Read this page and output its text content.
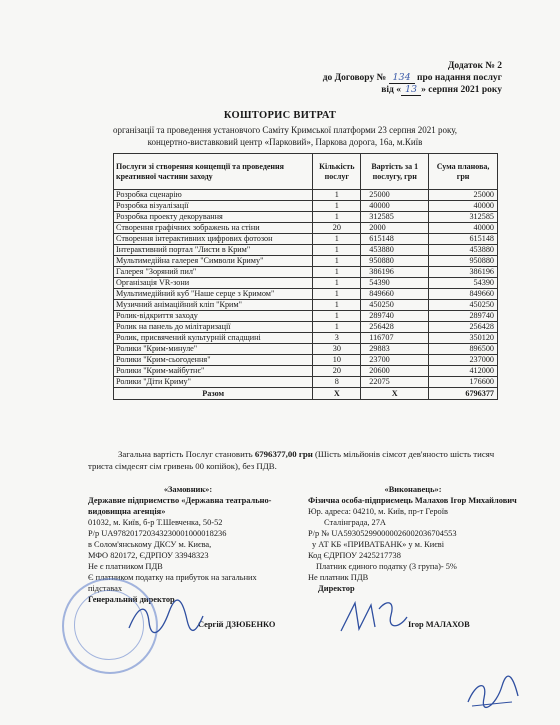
Додаток № 2
до Договору № 134 про надання послуг
від « 13 » серпня 2021 року
КОШТОРИС ВИТРАТ
організації та проведення установчого Саміту Кримської платформи 23 серпня 2021 року,
концертно-виставковий центр «Парковий», Паркова дорога, 16а, м.Київ
Послуги зі створення концепції та проведення креативної частини заходу	Кількість послуг	Вартість за 1 послугу, грн	Сума планова, грн
Розробка сценарію	1	25000	25000
Розробка візуалізації	1	40000	40000
Розробка проекту декорування	1	312585	312585
Створення графічних зображень на стіни	20	2000	40000
Створення інтерактивних цифрових фотозон	1	615148	615148
Інтерактивний портал "Листи в Крим"	1	453880	453880
Мультимедійна галерея "Символи Криму"	1	950880	950880
Галерея "Зоряний пил"	1	386196	386196
Організація VR-зони	1	54390	54390
Мультимедійний куб "Наше серце з Кримом"	1	849660	849660
Музичний анімаційний кліп "Крим"	1	450250	450250
Ролик-відкриття заходу	1	289740	289740
Ролик на панель до мілітаризації	1	256428	256428
Ролик, присвячений культурній спадщині	3	116707	350120
Ролики "Крим-минуле"	30	29883	896500
Ролики "Крим-сьогодення"	10	23700	237000
Ролики "Крим-майбутнє"	20	20600	412000
Ролики "Діти Криму"	8	22075	176600
Разом	X	X	6796377
Загальна вартість Послуг становить 6796377,00 грн (Шість мільйонів сімсот дев'яносто шість тисяч триста сімдесят сім гривень 00 копійок), без ПДВ.
«Замовник»:
Державне підприємство «Державна театрально-видовищна агенція»
01032, м. Київ, б-р Т.Шевченка, 50-52
Р/р UA978201720343230001000018236
в Солом'янському ДКСУ м. Києва,
МФО 820172, ЄДРПОУ 33948323
Не є платником ПДВ
Є платником податку на прибуток на загальних підставах
Генеральний директор
Сергій ДЗЮБЕНКО
«Виконавець»:
Фізична особа-підприємець Малахов Ігор Михайлович
Юр. адреса: 04210, м. Київ, пр-т Героїв
Сталінграда, 27А
Р/р № UA593052990000026002036704553
у АТ КБ «ПРИВАТБАНК» у м. Києві
Код ЄДРПОУ 2425217738
Платник єдиного податку (3 група)- 5%
Не платник ПДВ
Директор
Ігор МАЛАХОВ
